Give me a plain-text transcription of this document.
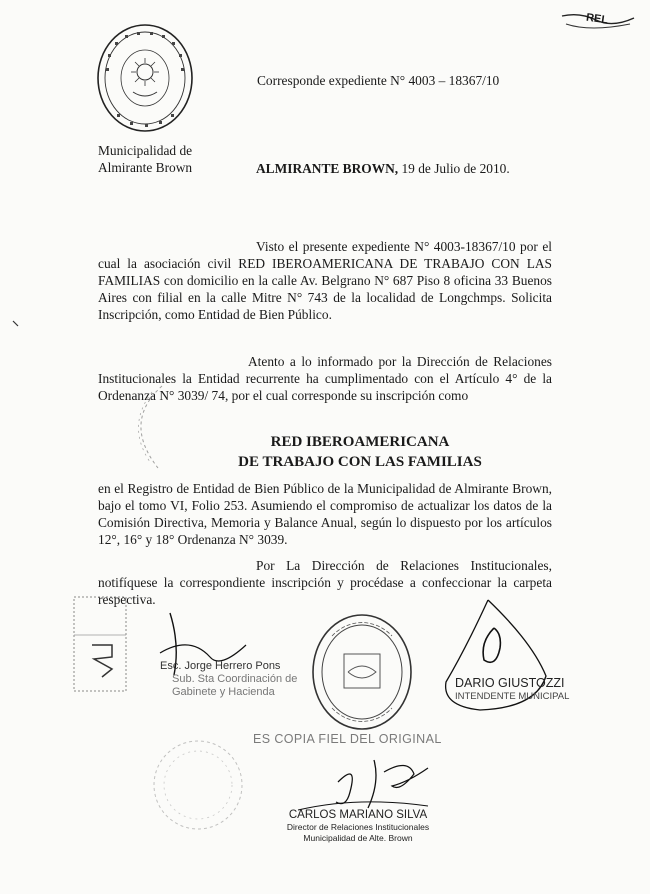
REL
Corresponde expediente N° 4003 – 18367/10
Municipalidad de
Almirante Brown	ALMIRANTE BROWN, 19 de Julio de 2010.
Visto el presente expediente N° 4003-18367/10 por el cual la asociación civil RED IBEROAMERICANA DE TRABAJO CON LAS FAMILIAS con domicilio en la calle Av. Belgrano N° 687 Piso 8 oficina 33 Buenos Aires con filial en la calle Mitre N° 743 de la localidad de Longchmps. Solicita Inscripción, como Entidad de Bien Público.
Atento a lo informado por la Dirección de Relaciones Institucionales la Entidad recurrente ha cumplimentado con el Artículo 4° de la Ordenanza N° 3039/ 74, por el cual corresponde su inscripción como
RED IBEROAMERICANA
DE TRABAJO CON LAS FAMILIAS
en el Registro de Entidad de Bien Público de la Municipalidad de Almirante Brown, bajo el tomo VI, Folio 253. Asumiendo el compromiso de actualizar los datos de la Comisión Directiva, Memoria y Balance Anual, según lo dispuesto por los artículos 12°, 16° y 18° Ordenanza N° 3039.
Por La Dirección de Relaciones Institucionales, notifíquese la correspondiente inscripción y procédase a confeccionar la carpeta respectiva.
Esc. Jorge Herrero Pons
Sub. Sta Coordinación de
Gabinete y Hacienda
DARIO GIUSTOZZI
INTENDENTE MUNICIPAL
ES COPIA FIEL DEL ORIGINAL
CARLOS MARIANO SILVA
Director de Relaciones Institucionales
Municipalidad de Alte. Brown
